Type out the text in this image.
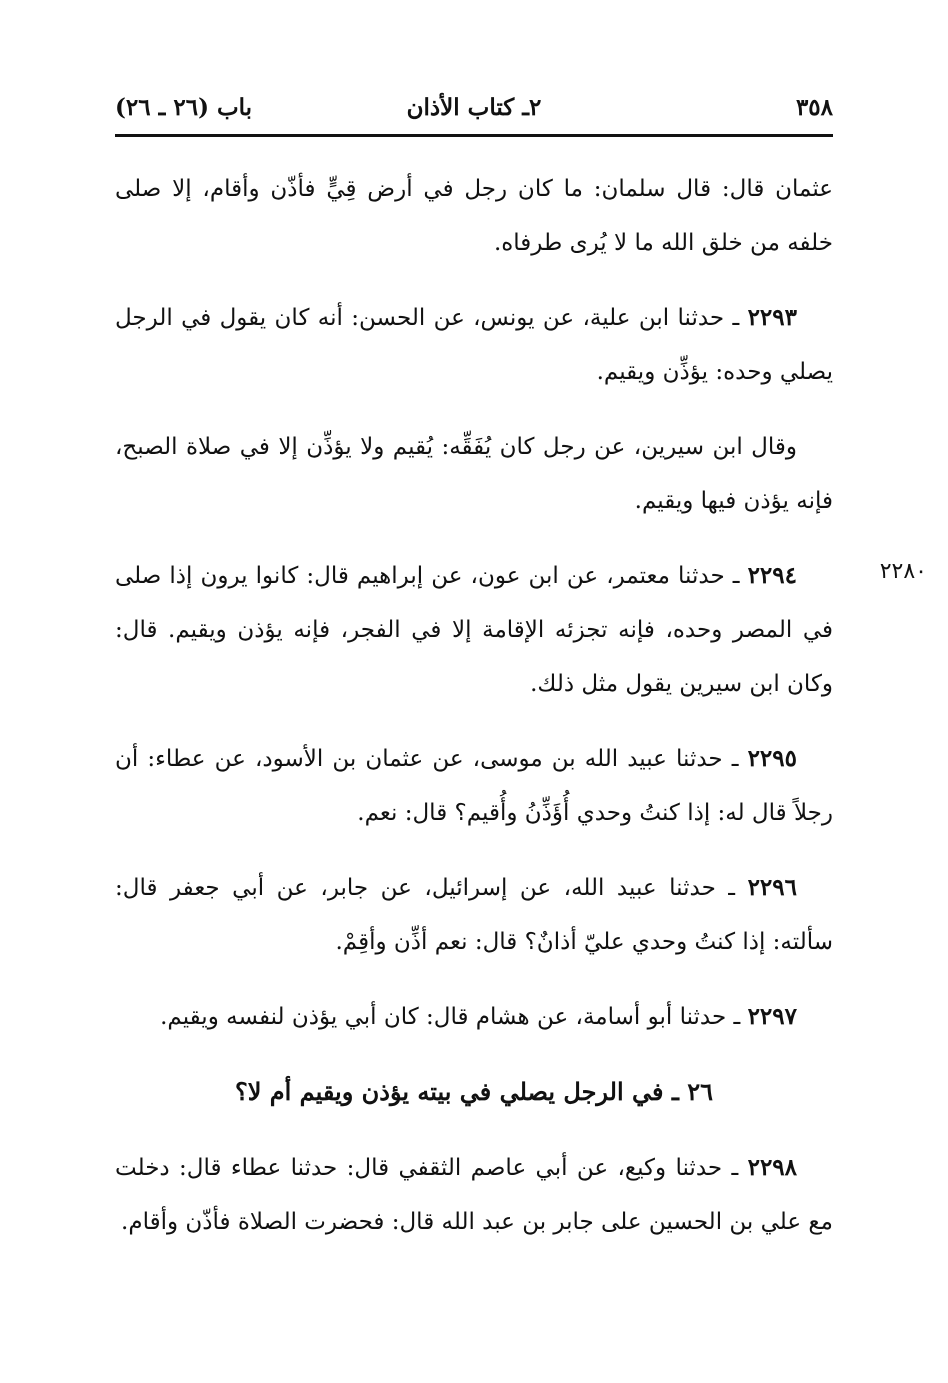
٣٥٨
٢ـ كتاب الأذان
باب (٢٦ ـ ٢٦)
٢٢٨٠

عثمان قال: قال سلمان: ما كان رجل في أرض قِيٍّ فأذّن وأقام، إلا صلى خلفه من خلق الله ما لا يُرى طرفاه.

٢٢٩٣ ـ حدثنا ابن علية، عن يونس، عن الحسن: أنه كان يقول في الرجل يصلي وحده: يؤذِّن ويقيم.

وقال ابن سيرين، عن رجل كان يُفَقِّه: يُقيم ولا يؤذِّن إلا في صلاة الصبح، فإنه يؤذن فيها ويقيم.

٢٢٩٤ ـ حدثنا معتمر، عن ابن عون، عن إبراهيم قال: كانوا يرون إذا صلى في المصر وحده، فإنه تجزئه الإقامة إلا في الفجر، فإنه يؤذن ويقيم. قال: وكان ابن سيرين يقول مثل ذلك.

٢٢٩٥ ـ حدثنا عبيد الله بن موسى، عن عثمان بن الأسود، عن عطاء: أن رجلاً قال له: إذا كنتُ وحدي أُؤَذِّنُ وأُقيم؟ قال: نعم.

٢٢٩٦ ـ حدثنا عبيد الله، عن إسرائيل، عن جابر، عن أبي جعفر قال: سألته: إذا كنتُ وحدي عليّ أذانٌ؟ قال: نعم أذِّن وأقِمْ.

٢٢٩٧ ـ حدثنا أبو أسامة، عن هشام قال: كان أبي يؤذن لنفسه ويقيم.

٢٦ ـ في الرجل يصلي في بيته يؤذن ويقيم أم لا؟

٢٢٩٨ ـ حدثنا وكيع، عن أبي عاصم الثقفي قال: حدثنا عطاء قال: دخلت مع علي بن الحسين على جابر بن عبد الله قال: فحضرت الصلاة فأذّن وأقام.
